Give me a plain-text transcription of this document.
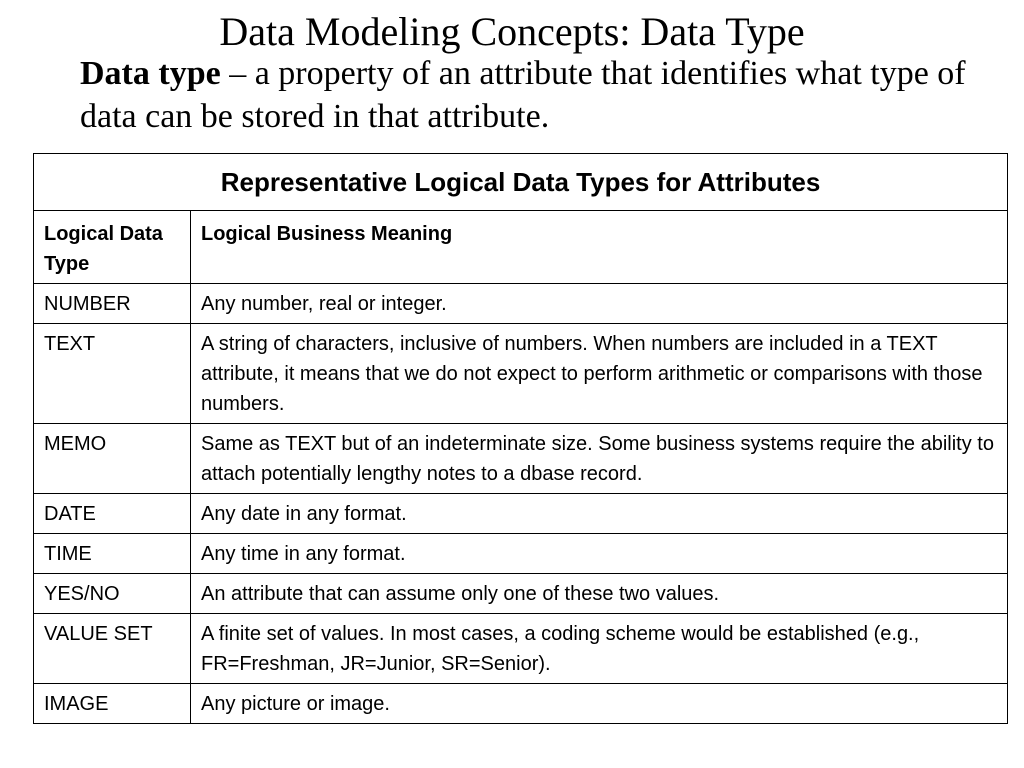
Data Modeling Concepts: Data Type

Data type – a property of an attribute that identifies what type of data can be stored in that attribute.

Representative Logical Data Types for Attributes	
Logical Data Type	Logical Business Meaning
NUMBER	Any number, real or integer.
TEXT	A string of characters, inclusive of numbers. When numbers are included in a TEXT attribute, it means that we do not expect to perform arithmetic or comparisons with those numbers.
MEMO	Same as TEXT but of an indeterminate size. Some business systems require the ability to attach potentially lengthy notes to a dbase record.
DATE	Any date in any format.
TIME	Any time in any format.
YES/NO	An attribute that can assume only one of these two values.
VALUE SET	A finite set of values. In most cases, a coding scheme would be established (e.g., FR=Freshman, JR=Junior, SR=Senior).
IMAGE	Any picture or image.
